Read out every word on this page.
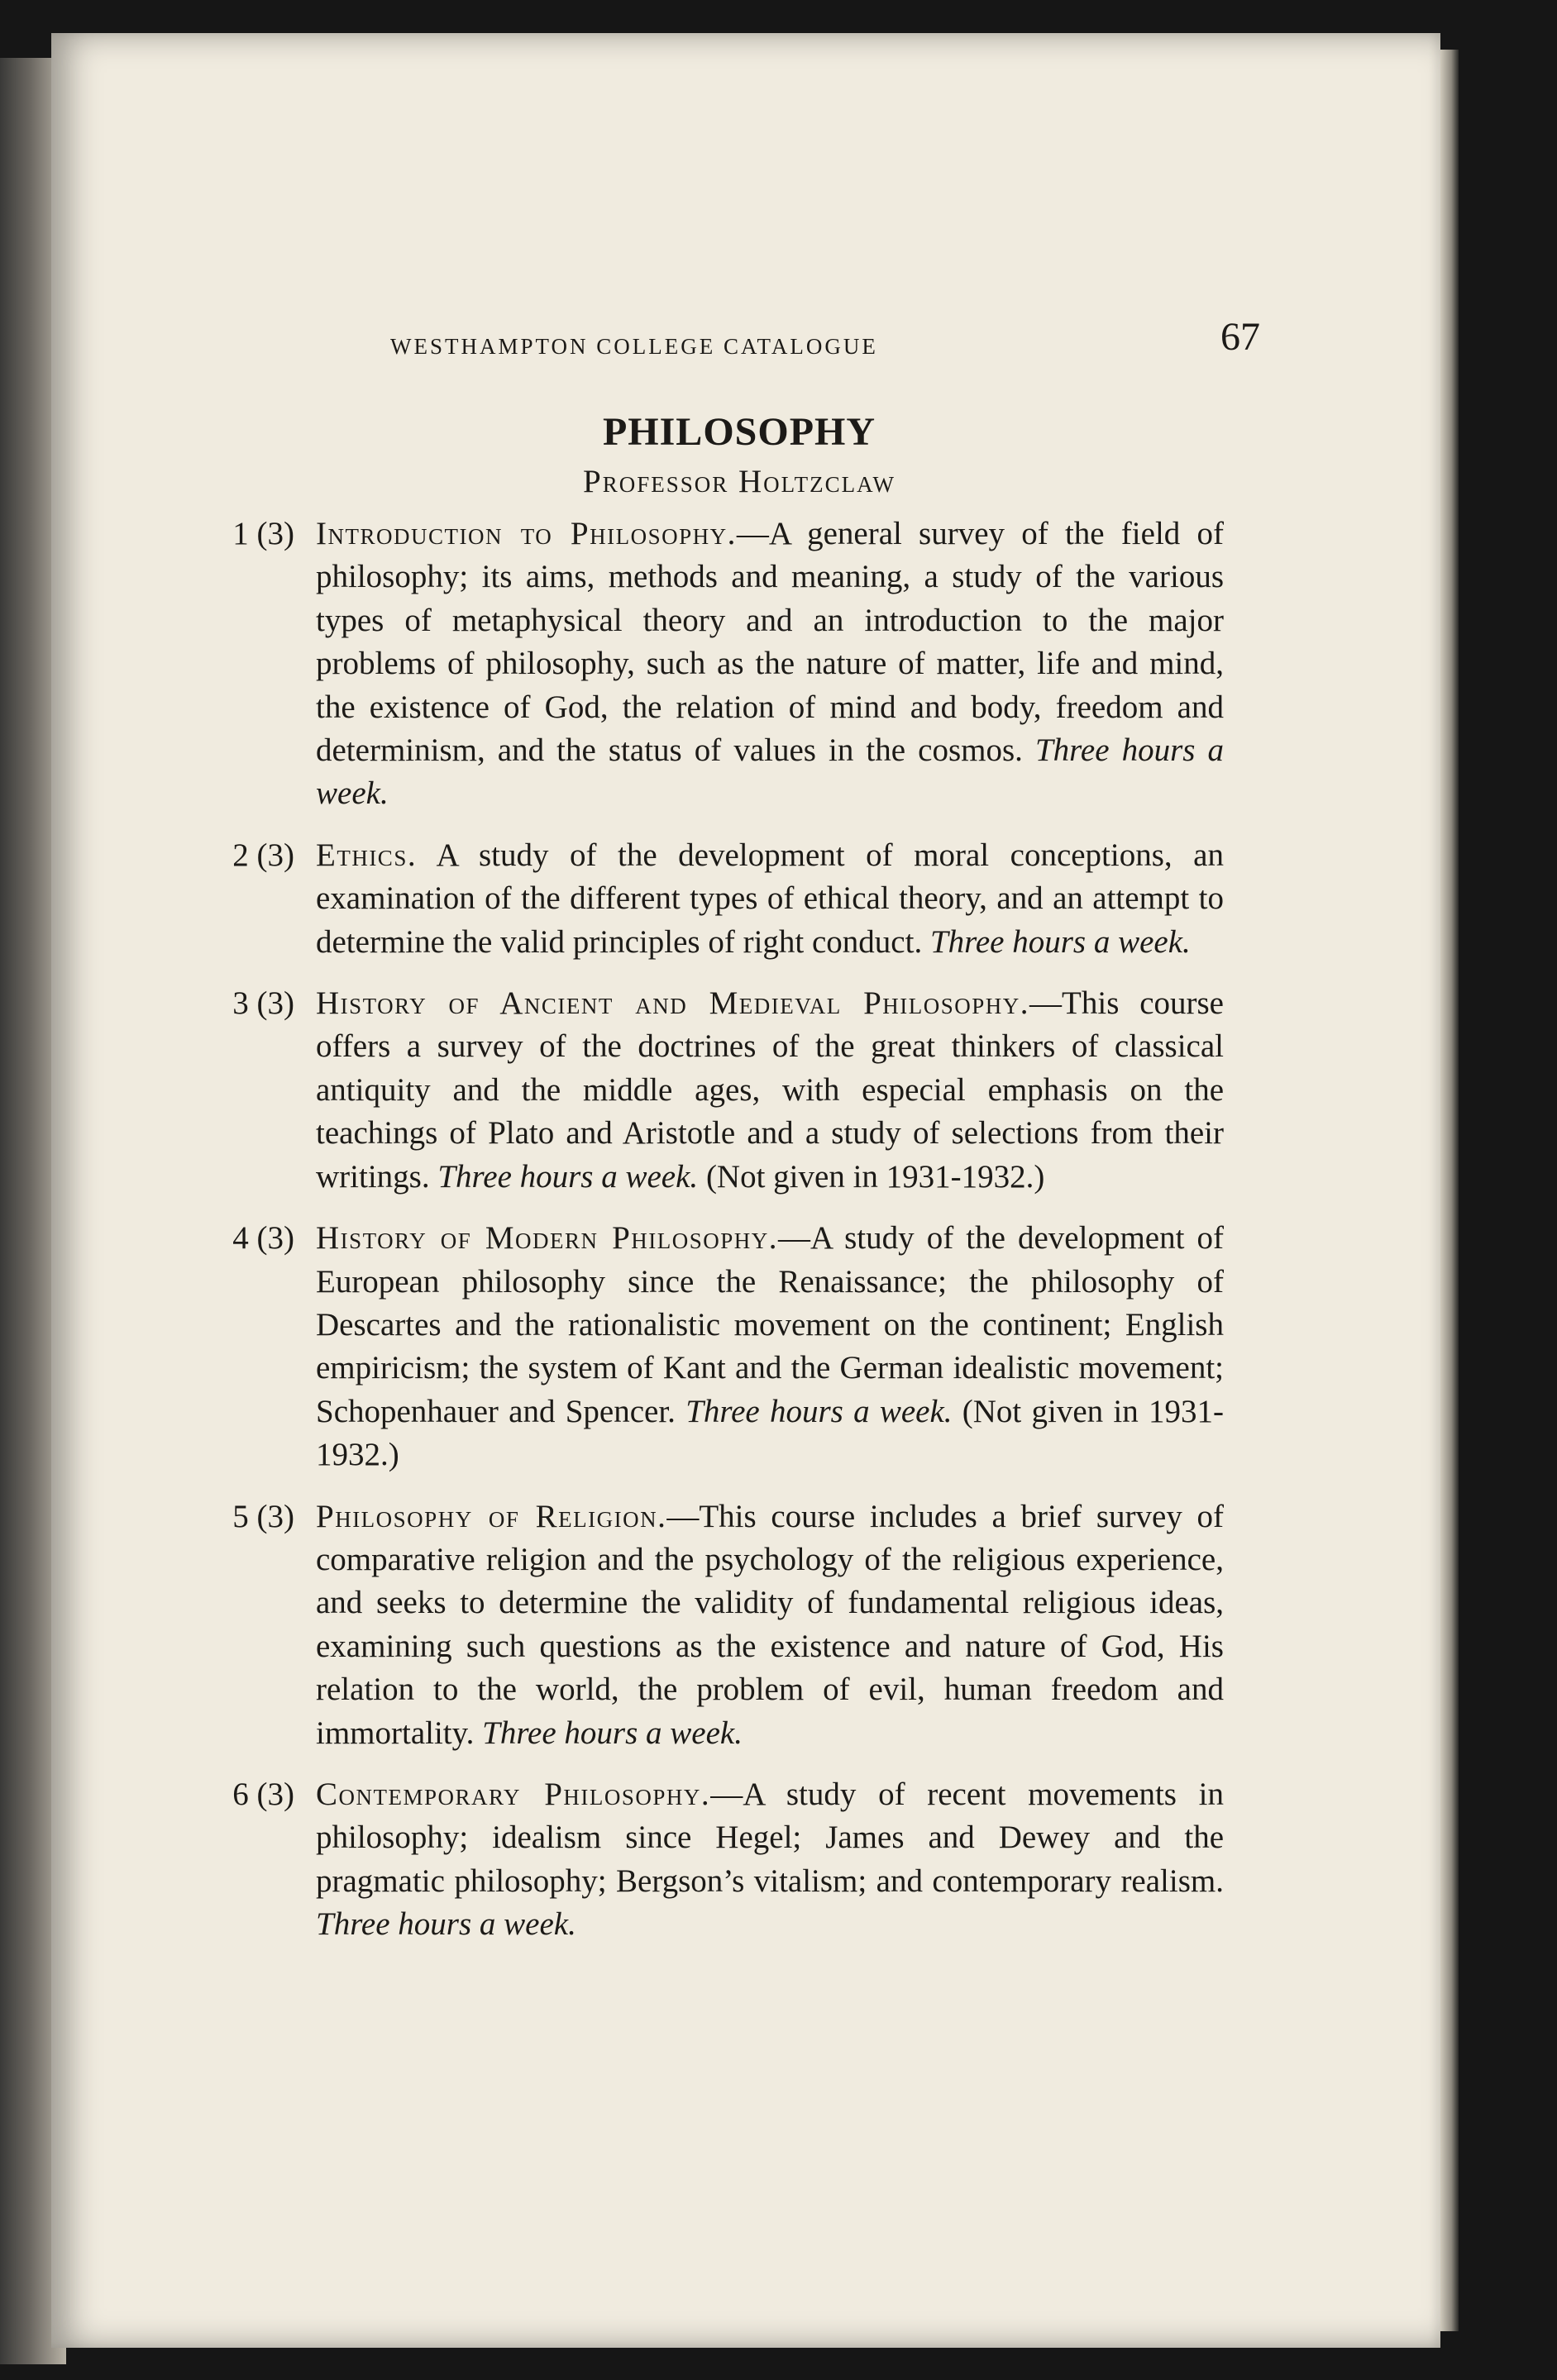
WESTHAMPTON COLLEGE CATALOGUE	67
PHILOSOPHY
Professor Holtzclaw
1 (3) Introduction to Philosophy.—A general survey of the field of philosophy; its aims, methods and meaning, a study of the various types of metaphysical theory and an introduction to the major problems of philosophy, such as the nature of matter, life and mind, the existence of God, the relation of mind and body, freedom and determinism, and the status of values in the cosmos. Three hours a week.
2 (3) Ethics. A study of the development of moral conceptions, an examination of the different types of ethical theory, and an attempt to determine the valid principles of right conduct. Three hours a week.
3 (3) History of Ancient and Medieval Philosophy.—This course offers a survey of the doctrines of the great thinkers of classical antiquity and the middle ages, with especial emphasis on the teachings of Plato and Aristotle and a study of selections from their writings. Three hours a week. (Not given in 1931-1932.)
4 (3) History of Modern Philosophy.—A study of the development of European philosophy since the Renaissance; the philosophy of Descartes and the rationalistic movement on the continent; English empiricism; the system of Kant and the German idealistic movement; Schopenhauer and Spencer. Three hours a week. (Not given in 1931-1932.)
5 (3) Philosophy of Religion.—This course includes a brief survey of comparative religion and the psychology of the religious experience, and seeks to determine the validity of fundamental religious ideas, examining such questions as the existence and nature of God, His relation to the world, the problem of evil, human freedom and immortality. Three hours a week.
6 (3) Contemporary Philosophy.—A study of recent movements in philosophy; idealism since Hegel; James and Dewey and the pragmatic philosophy; Bergson’s vitalism; and contemporary realism. Three hours a week.
